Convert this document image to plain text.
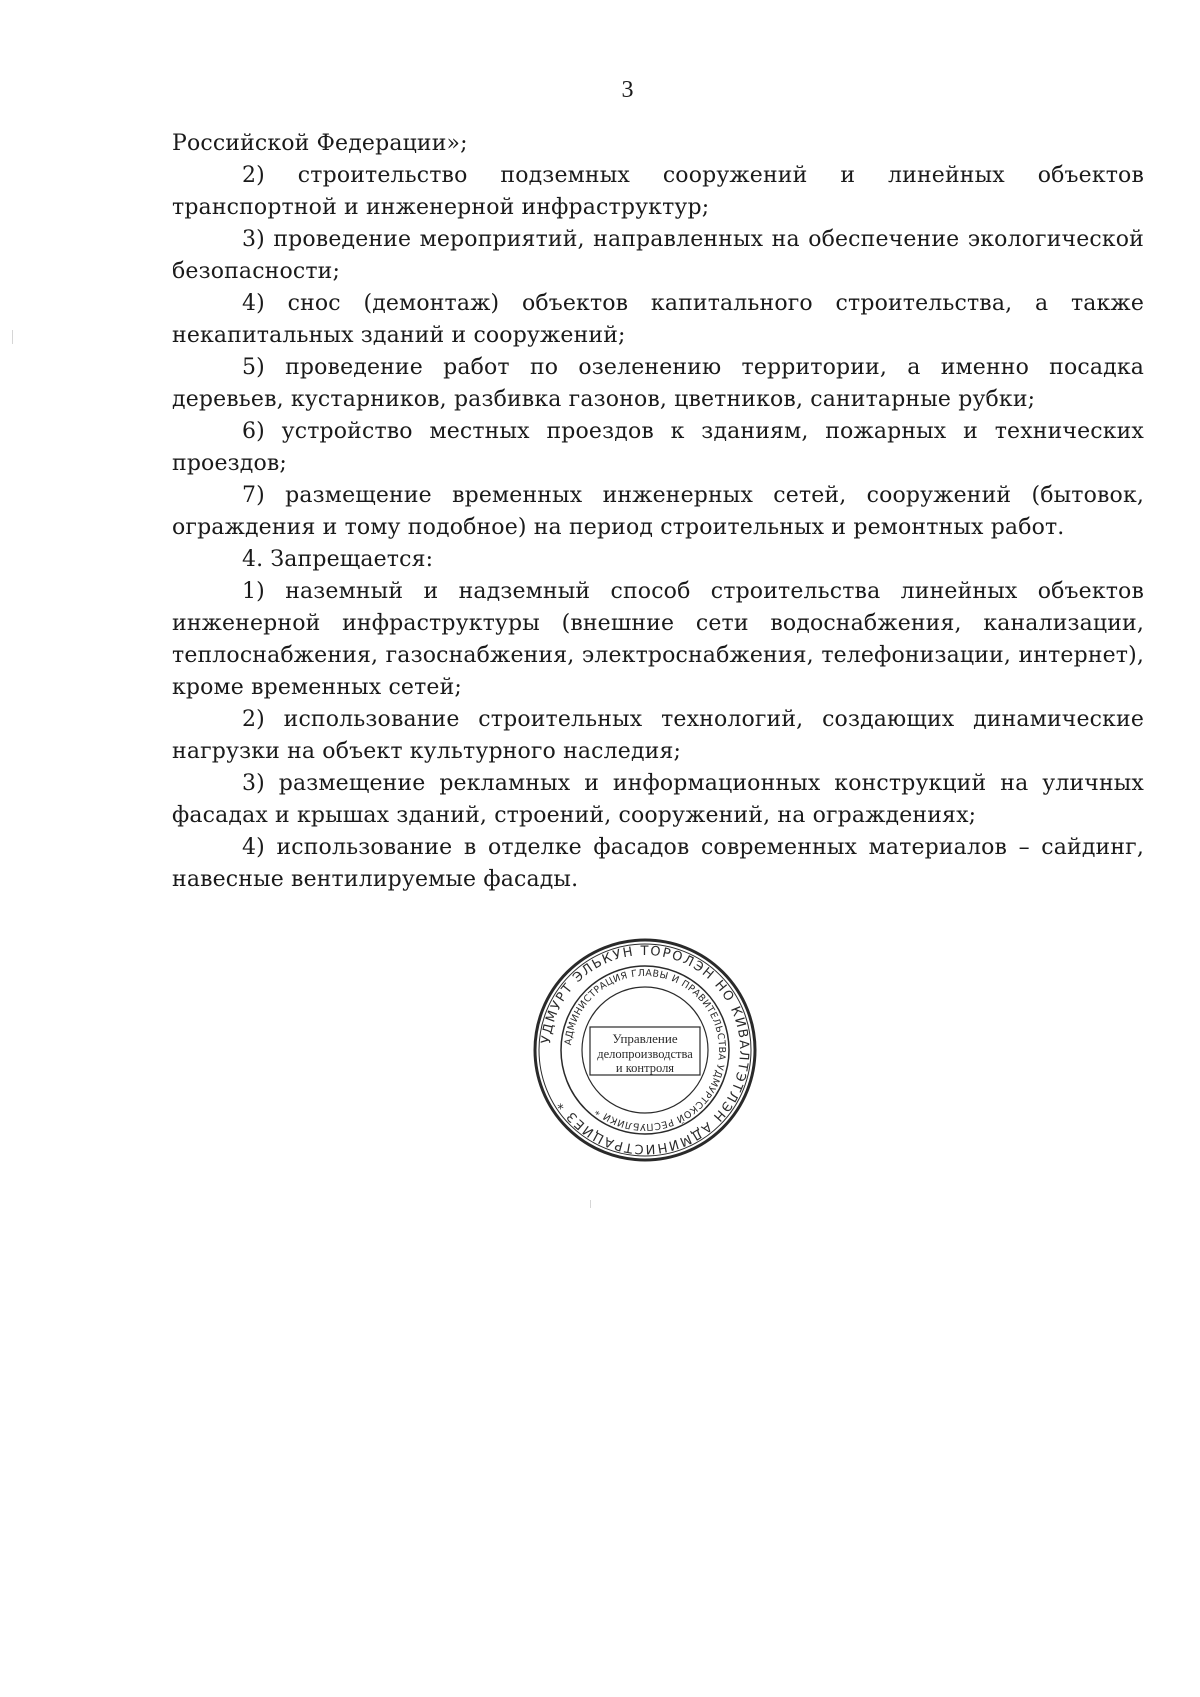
3

Российской Федерации»;

2) строительство подземных сооружений и линейных объектов транспортной и инженерной инфраструктур;

3) проведение мероприятий, направленных на обеспечение экологической безопасности;

4) снос (демонтаж) объектов капитального строительства, а также некапитальных зданий и сооружений;

5) проведение работ по озеленению территории, а именно посадка деревьев, кустарников, разбивка газонов, цветников, санитарные рубки;

6) устройство местных проездов к зданиям, пожарных и технических проездов;

7) размещение временных инженерных сетей, сооружений (бытовок, ограждения и тому подобное) на период строительных и ремонтных работ.

4. Запрещается:

1) наземный и надземный способ строительства линейных объектов инженерной инфраструктуры (внешние сети водоснабжения, канализации, теплоснабжения, газоснабжения, электроснабжения, телефонизации, интернет), кроме временных сетей;

2) использование строительных технологий, создающих динамические нагрузки на объект культурного наследия;

3) размещение рекламных и информационных конструкций на уличных фасадах и крышах зданий, строений, сооружений, на ограждениях;

4) использование в отделке фасадов современных материалов – сайдинг, навесные вентилируемые фасады.

УДМУРТ ЭЛЬКУН ТОРОЛЭН НО КИВАЛТЭТЛЭН АДМИНИСТРАЦИЕЗ *
АДМИНИСТРАЦИЯ ГЛАВЫ И ПРАВИТЕЛЬСТВА УДМУРТСКОЙ РЕСПУБЛИКИ *
Управление
делопроизводства
и контроля
